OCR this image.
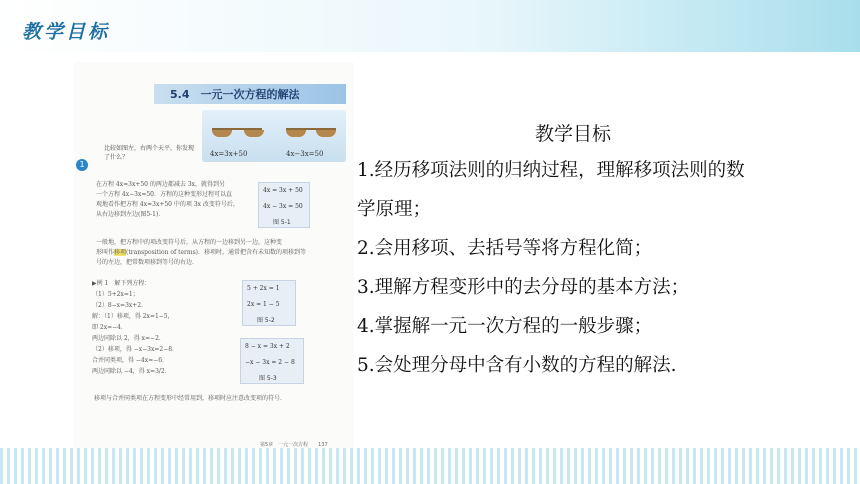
教学目标
5.4　一元一次方程的解法
4x=3x+50	4x−3x=50
1
比较如图左，右两个天平，你发现
了什么？
在方程 4x=3x+50 的两边都减去 3x，就得到另
一个方程 4x−3x=50．方程的这种变形过程可以直
观地看作把方程 4x=3x+50 中的项 3x 改变符号后，
从右边移到左边(图5-1)．
4x = 3x + 50
4x − 3x = 50
图 5-1
一般地，把方程中的项改变符号后，从方程的一边移到另一边，这种变
形叫作移项(transposition of terms)．移项时，通常把含有未知数的项移到等
号的左边，把常数项移到等号的右边．
▶例 1　解下列方程：
（1）5+2x=1；
（2）8−x=3x+2．
解：（1）移项，得 2x=1−5，
即 2x=−4．
两边同除以 2，得 x=−2．
（2）移项，得 −x−3x=2−8．
合并同类项，得 −4x=−6．
两边同除以 −4，得 x=3/2．
5 + 2x = 1
2x = 1 − 5
图 5-2
8 − x = 3x + 2
−x − 3x = 2 − 8
图 5-3
移项与合并同类项在方程变形中经常用到，移项时应注意改变项的符号．
第5章　一元一次方程　　137
教学目标
1.经历移项法则的归纳过程，理解移项法则的数
学原理；
2.会用移项、去括号等将方程化简；
3.理解方程变形中的去分母的基本方法；
4.掌握解一元一次方程的一般步骤；
5.会处理分母中含有小数的方程的解法.
